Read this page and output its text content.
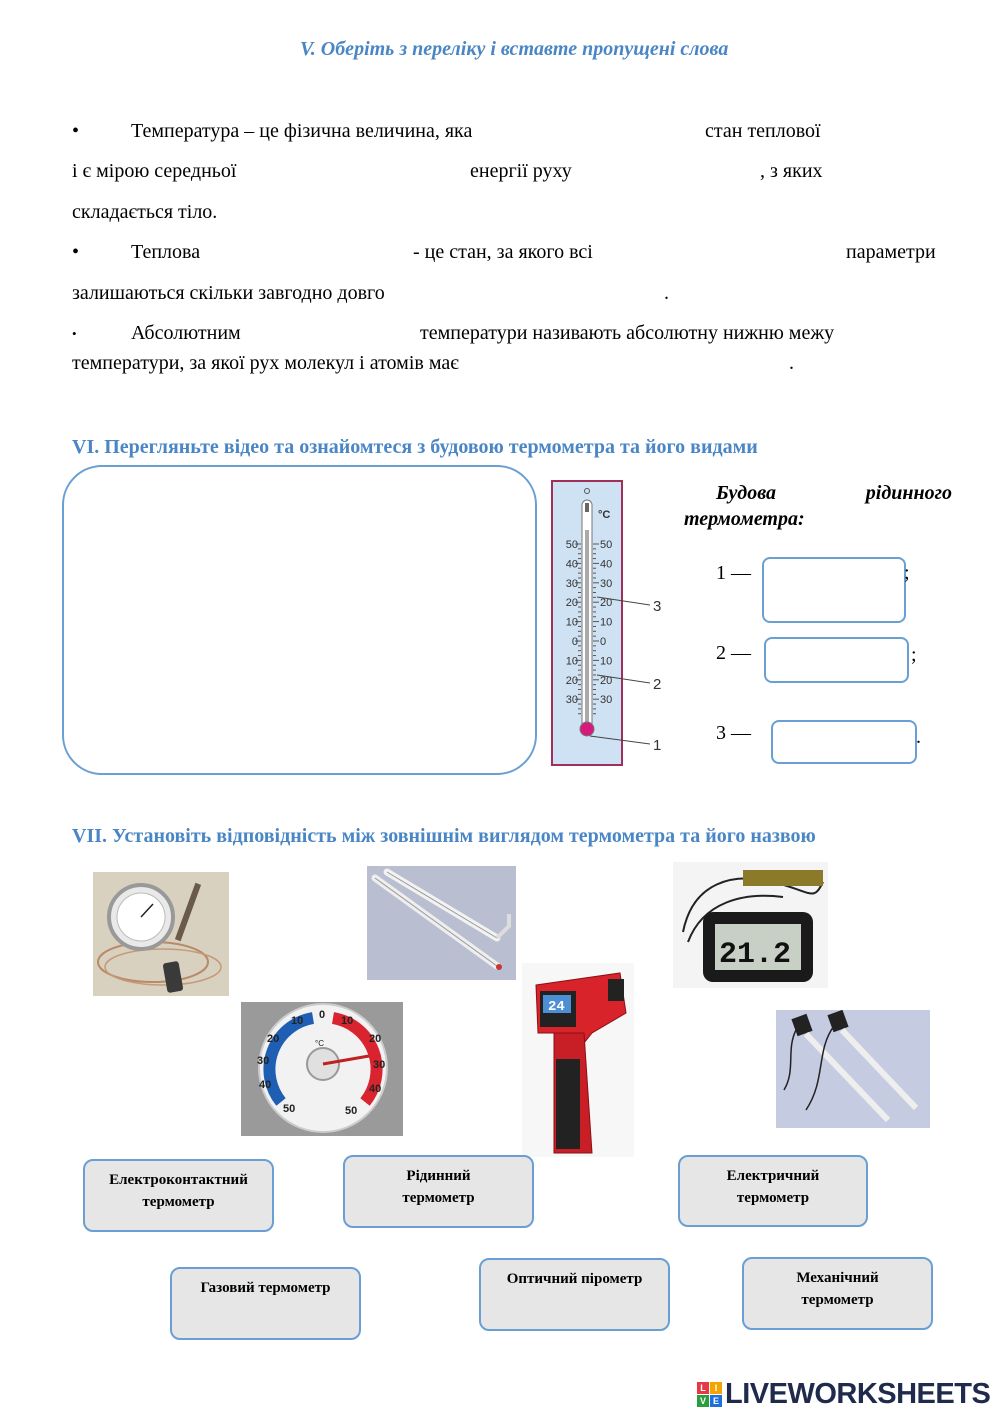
V. Оберіть з переліку і вставте пропущені слова
•	Температура – це фізична величина, яка	стан теплової
і є мірою середньої	енергії руху	, з яких
складається тіло.
•	Теплова	- це стан, за якого всі	параметри
залишаються скільки завгодно довго	.
•	Абсолютним	температури називають абсолютну нижню межу
температури, за якої рух молекул і атомів має	.
VI. Перегляньте відео та ознайомтеся з будовою термометра та його видами
°C
50
40
30
20
10
0
10
20
30
50
40
30
20
10
0
10
20
30
3
2
1
Будова	рідинного
термометра:
1 —	;
2 —	;
3 —	.
VII. Установіть відповідність між зовнішнім виглядом термометра та його назвою
21.2
°C
10 0 10
20
30
40
50
20
30
40
50
24
Електроконтактний
термометр
Рідинний
термометр
Електричний
термометр
Газовий термометр
Оптичний пірометр	Механічний
термометр
L I
V E LIVEWORKSHEETS
